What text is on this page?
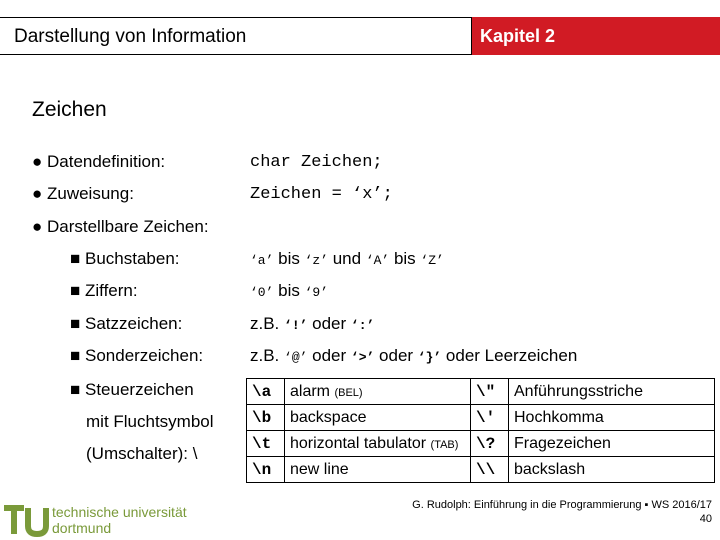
Darstellung von Information	Kapitel 2
Zeichen
● Datendefinition:	char Zeichen;
● Zuweisung:	Zeichen = ‘x’;
● Darstellbare Zeichen:
■ Buchstaben:	‘a’ bis ‘z’ und ‘A’ bis ‘Z’
■ Ziffern:	‘0’ bis ‘9’
■ Satzzeichen:	z.B. ‘!’ oder ‘:’
■ Sonderzeichen:	z.B. ‘@’ oder ‘>’ oder ‘}’ oder Leerzeichen
■ Steuerzeichen
mit Fluchtsymbol
(Umschalter): \
\a	alarm (BEL)	\"	Anführungsstriche
\b	backspace	\'	Hochkomma
\t	horizontal tabulator (TAB)	\?	Fragezeichen
\n	new line	\\	backslash
technische universität
dortmund
G. Rudolph: Einführung in die Programmierung ▪ WS 2016/17
40
